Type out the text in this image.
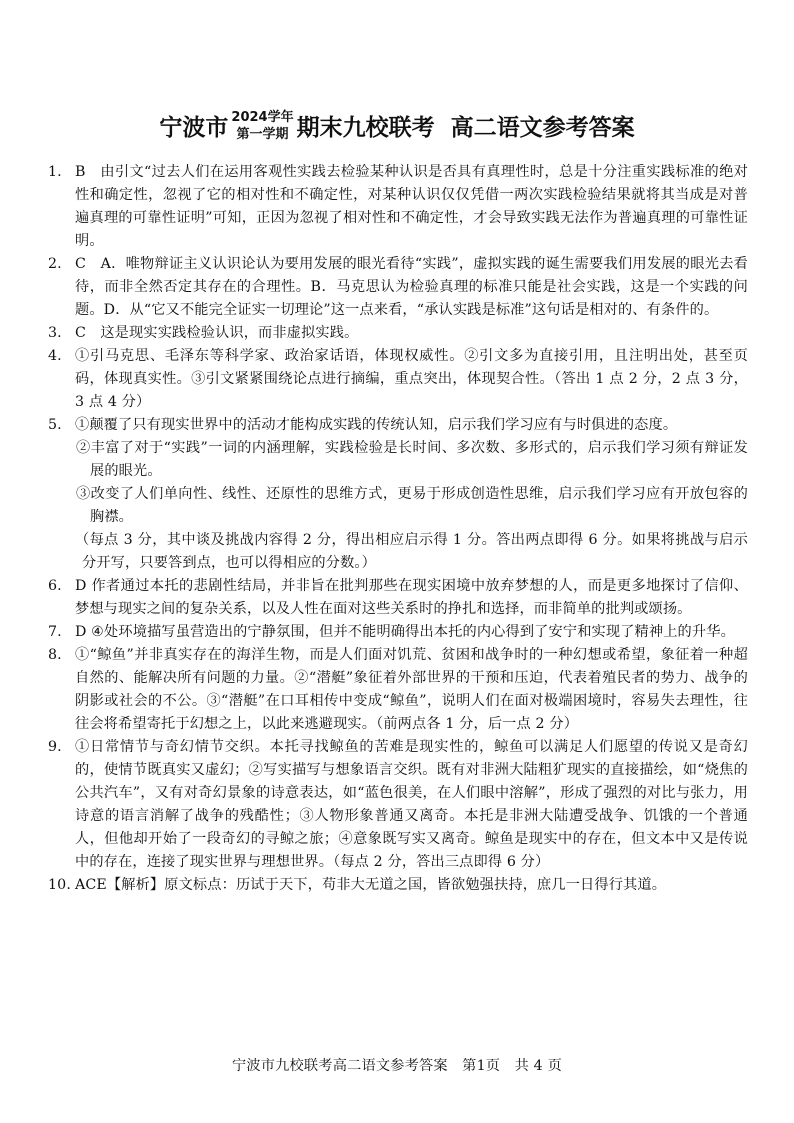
宁波市 2024学年
第一学期 期末九校联考 高二语文参考答案

1. B　由引文“过去人们在运用客观性实践去检验某种认识是否具有真理性时，总是十分注重实践标准的绝对性和确定性，忽视了它的相对性和不确定性，对某种认识仅仅凭借一两次实践检验结果就将其当成是对普遍真理的可靠性证明”可知，正因为忽视了相对性和不确定性，才会导致实践无法作为普遍真理的可靠性证明。

2. C　A．唯物辩证主义认识论认为要用发展的眼光看待“实践”，虚拟实践的诞生需要我们用发展的眼光去看待，而非全然否定其存在的合理性。B．马克思认为检验真理的标准只能是社会实践，这是一个实践的问题。D．从“它又不能完全证实一切理论”这一点来看，“承认实践是标准”这句话是相对的、有条件的。

3. C　这是现实实践检验认识，而非虚拟实践。

4. ①引马克思、毛泽东等科学家、政治家话语，体现权威性。②引文多为直接引用，且注明出处，甚至页码，体现真实性。③引文紧紧围绕论点进行摘编，重点突出，体现契合性。（答出 1 点 2 分，2 点 3 分，3 点 4 分）

5. ①颠覆了只有现实世界中的活动才能构成实践的传统认知，启示我们学习应有与时俱进的态度。

②丰富了对于“实践”一词的内涵理解，实践检验是长时间、多次数、多形式的，启示我们学习须有辩证发展的眼光。

③改变了人们单向性、线性、还原性的思维方式，更易于形成创造性思维，启示我们学习应有开放包容的胸襟。

（每点 3 分，其中谈及挑战内容得 2 分，得出相应启示得 1 分。答出两点即得 6 分。如果将挑战与启示分开写，只要答到点，也可以得相应的分数。）

6. D 作者通过本托的悲剧性结局，并非旨在批判那些在现实困境中放弃梦想的人，而是更多地探讨了信仰、梦想与现实之间的复杂关系，以及人性在面对这些关系时的挣扎和选择，而非简单的批判或颂扬。

7. D ④处环境描写虽营造出的宁静氛围，但并不能明确得出本托的内心得到了安宁和实现了精神上的升华。

8. ①“鲸鱼”并非真实存在的海洋生物，而是人们面对饥荒、贫困和战争时的一种幻想或希望，象征着一种超自然的、能解决所有问题的力量。②“潜艇”象征着外部世界的干预和压迫，代表着殖民者的势力、战争的阴影或社会的不公。③“潜艇”在口耳相传中变成“鲸鱼”，说明人们在面对极端困境时，容易失去理性，往往会将希望寄托于幻想之上，以此来逃避现实。（前两点各 1 分，后一点 2 分）

9. ①日常情节与奇幻情节交织。本托寻找鲸鱼的苦难是现实性的，鲸鱼可以满足人们愿望的传说又是奇幻的，使情节既真实又虚幻；②写实描写与想象语言交织。既有对非洲大陆粗犷现实的直接描绘，如“烧焦的公共汽车”，又有对奇幻景象的诗意表达，如“蓝色很美，在人们眼中溶解”，形成了强烈的对比与张力，用诗意的语言消解了战争的残酷性；③人物形象普通又离奇。本托是非洲大陆遭受战争、饥饿的一个普通人，但他却开始了一段奇幻的寻鲸之旅；④意象既写实又离奇。鲸鱼是现实中的存在，但文本中又是传说中的存在，连接了现实世界与理想世界。（每点 2 分，答出三点即得 6 分）

10. ACE【解析】原文标点：历试于天下，苟非大无道之国，皆欲勉强扶持，庶几一日得行其道。

宁波市九校联考高二语文参考答案　第1页　共 4 页
